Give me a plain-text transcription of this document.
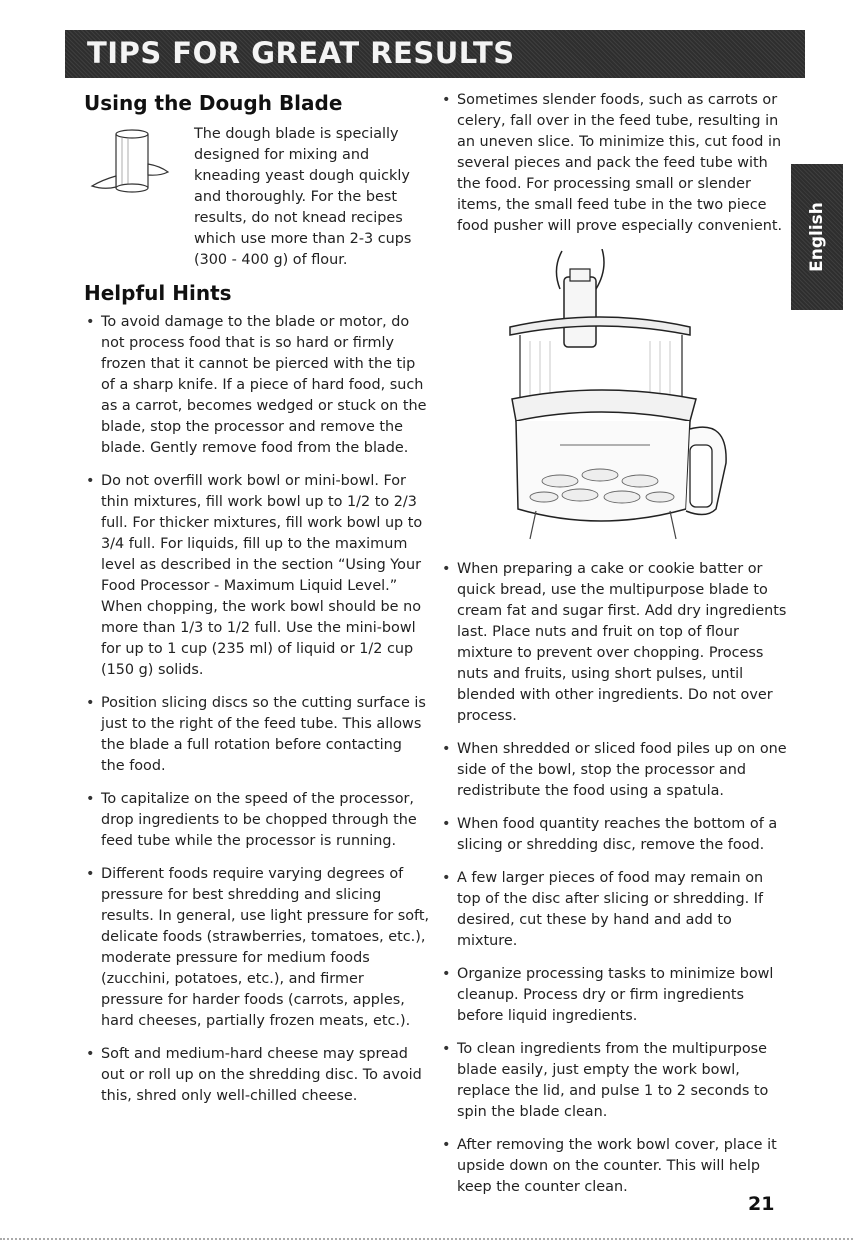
TIPS FOR GREAT RESULTS
English
Using the Dough Blade
The dough blade is specially designed for mixing and kneading yeast dough quickly and thoroughly. For the best results, do not knead recipes which use more than 2-3 cups (300 - 400 g) of flour.
Helpful Hints
• To avoid damage to the blade or motor, do not process food that is so hard or firmly frozen that it cannot be pierced with the tip of a sharp knife. If a piece of hard food, such as a carrot, becomes wedged or stuck on the blade, stop the processor and remove the blade. Gently remove food from the blade.
• Do not overfill work bowl or mini-bowl. For thin mixtures, fill work bowl up to 1/2 to 2/3 full. For thicker mixtures, fill work bowl up to 3/4 full. For liquids, fill up to the maximum level as described in the section “Using Your Food Processor - Maximum Liquid Level.” When chopping, the work bowl should be no more than 1/3 to 1/2 full. Use the mini-bowl for up to 1 cup (235 ml) of liquid or 1/2 cup (150 g) solids.
• Position slicing discs so the cutting surface is just to the right of the feed tube. This allows the blade a full rotation before contacting the food.
• To capitalize on the speed of the processor, drop ingredients to be chopped through the feed tube while the processor is running.
• Different foods require varying degrees of pressure for best shredding and slicing results. In general, use light pressure for soft, delicate foods (strawberries, tomatoes, etc.), moderate pressure for medium foods (zucchini, potatoes, etc.), and firmer pressure for harder foods (carrots, apples, hard cheeses, partially frozen meats, etc.).
• Soft and medium-hard cheese may spread out or roll up on the shredding disc. To avoid this, shred only well-chilled cheese.
• Sometimes slender foods, such as carrots or celery, fall over in the feed tube, resulting in an uneven slice. To minimize this, cut food in several pieces and pack the feed tube with the food. For processing small or slender items, the small feed tube in the two piece food pusher will prove especially convenient.
• When preparing a cake or cookie batter or quick bread, use the multipurpose blade to cream fat and sugar first. Add dry ingredients last. Place nuts and fruit on top of flour mixture to prevent over chopping. Process nuts and fruits, using short pulses, until blended with other ingredients. Do not over process.
• When shredded or sliced food piles up on one side of the bowl, stop the processor and redistribute the food using a spatula.
• When food quantity reaches the bottom of a slicing or shredding disc, remove the food.
• A few larger pieces of food may remain on top of the disc after slicing or shredding. If desired, cut these by hand and add to mixture.
• Organize processing tasks to minimize bowl cleanup. Process dry or firm ingredients before liquid ingredients.
• To clean ingredients from the multipurpose blade easily, just empty the work bowl, replace the lid, and pulse 1 to 2 seconds to spin the blade clean.
• After removing the work bowl cover, place it upside down on the counter. This will help keep the counter clean.
21
